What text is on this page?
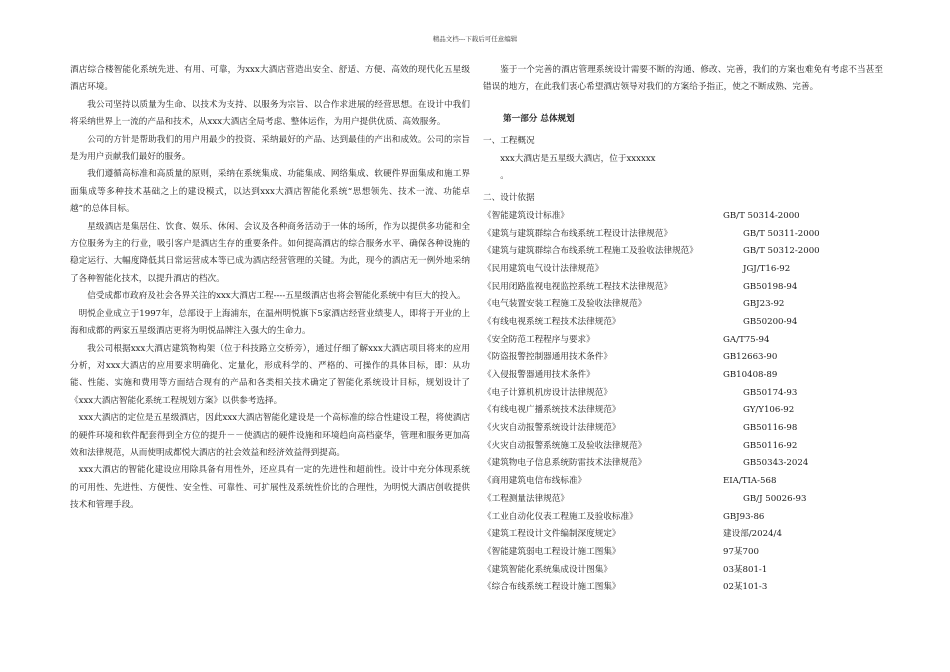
精品文档---下载后可任意编辑

酒店综合楼智能化系统先进、有用、可靠，为xxx大酒店营造出安全、舒适、方便、高效的现代化五星级酒店环境。

我公司坚持以质量为生命、以技术为支持、以服务为宗旨、以合作求进展的经营思想。在设计中我们将采纳世界上一流的产品和技术，从xxx大酒店全局考虑、整体运作，为用户提供优质、高效服务。

公司的方针是帮助我们的用户用最少的投资、采纳最好的产品、达到最佳的产出和成效。公司的宗旨是为用户贡献我们最好的服务。

我们遵循高标准和高质量的原则，采纳在系统集成、功能集成、网络集成、软硬件界面集成和施工界面集成等多种技术基础之上的建设模式，以达到xxx大酒店智能化系统“思想领先、技术一流、功能卓越”的总体目标。

星级酒店是集居住、饮食、娱乐、休闲、会议及各种商务活动于一体的场所，作为以提供多功能和全方位服务为主的行业，吸引客户是酒店生存的重要条件。如何提高酒店的综合服务水平、确保各种设施的稳定运行、大幅度降低其日常运营成本等已成为酒店经营管理的关键。为此，现今的酒店无一例外地采纳了各种智能化技术，以提升酒店的档次。

信受成都市政府及社会各界关注的xxx大酒店工程----五星级酒店也将会智能化系统中有巨大的投入。

明悦企业成立于1997年，总部设于上海浦东，在温州明悦旗下5家酒店经营业绩斐人，即将于开业的上海和成都的两家五星级酒店更将为明悦品牌注入强大的生命力。

我公司根据xxx大酒店建筑物构架（位于科技路立交桥旁），通过仔细了解xxx大酒店项目将来的应用分析，对xxx大酒店的应用要求明确化、定量化，形成科学的、严格的、可操作的具体目标，即：从功能、性能、实施和费用等方面结合现有的产品和各类相关技术确定了智能化系统设计目标，规划设计了《xxx大酒店智能化系统工程规划方案》以供参考选择。

xxx大酒店的定位是五星级酒店，因此xxx大酒店智能化建设是一个高标准的综合性建设工程，将使酒店的硬件环境和软件配套得到全方位的提升－－使酒店的硬件设施和环境趋向高档豪华，管理和服务更加高效和法律规范，从而使明成都悦大酒店的社会效益和经济效益得到提高。

xxx大酒店的智能化建设应用除具备有用性外，还应具有一定的先进性和超前性。设计中充分体现系统的可用性、先进性、方便性、安全性、可靠性、可扩展性及系统性价比的合理性，为明悦大酒店创收提供技术和管理手段。

鉴于一个完善的酒店管理系统设计需要不断的沟通、修改、完善，我们的方案也难免有考虑不当甚至错误的地方，在此我们衷心希望酒店领导对我们的方案给予指正，使之不断成熟、完善。

第一部分 总体规划
一、工程概况
xxx大酒店是五星级大酒店，位于xxxxxx
。
二、设计依据
《智能建筑设计标准》	GB/T 50314-2000
《建筑与建筑群综合布线系统工程设计法律规范》	GB/T 50311-2000
《建筑与建筑群综合布线系统工程施工及验收法律规范》	GB/T 50312-2000
《民用建筑电气设计法律规范》	JGJ/T16-92
《民用闭路监视电视监控系统工程技术法律规范》	GB50198-94
《电气装置安装工程施工及验收法律规范》	GBJ23-92
《有线电视系统工程技术法律规范》	GB50200-94
《安全防范工程程序与要求》	GA/T75-94
《防盗报警控制器通用技术条件》	GB12663-90
《入侵报警器通用技术条件》	GB10408-89
《电子计算机机房设计法律规范》	GB50174-93
《有线电视广播系统技术法律规范》	GY/Y106-92
《火灾自动报警系统设计法律规范》	GB50116-98
《火灾自动报警系统施工及验收法律规范》	GB50116-92
《建筑物电子信息系统防雷技术法律规范》	GB50343-2024
《商用建筑电信布线标准》	EIA/TIA-568
《工程测量法律规范》	GB/J 50026-93
《工业自动化仪表工程施工及验收标准》	GBJ93-86
《建筑工程设计文件编制深度规定》	建设部/2024/4
《智能建筑弱电工程设计施工图集》	97某700
《建筑智能化系统集成设计图集》	03某801-1
《综合布线系统工程设计施工图集》	02某101-3
